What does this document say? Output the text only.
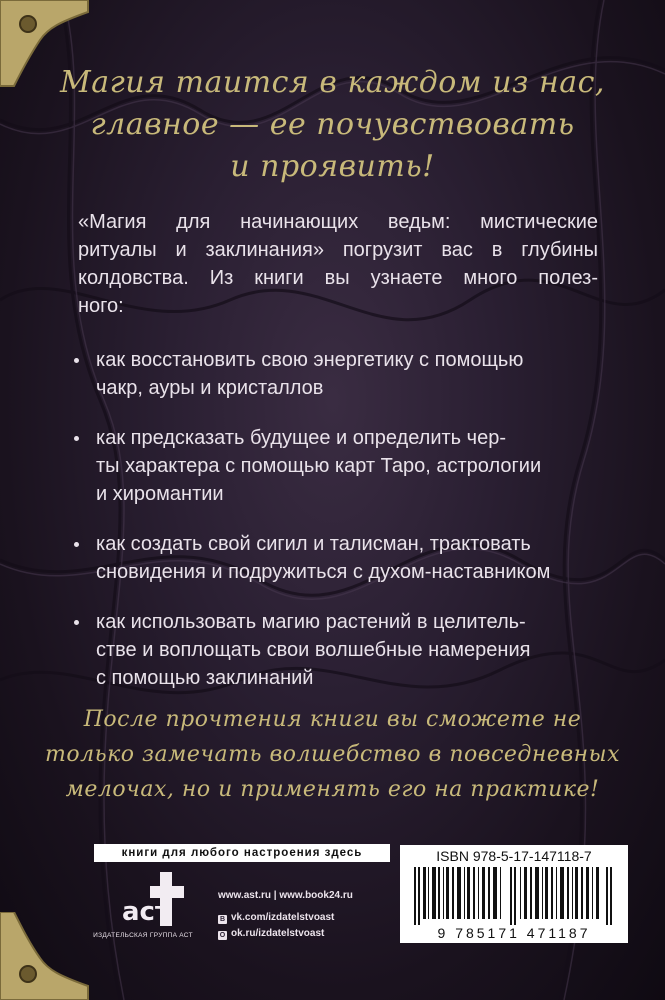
Магия таится в каждом из нас,
главное — ее почувствовать
и проявить!
«Магия для начинающих ведьм: мистические
ритуалы и заклинания» погрузит вас в глубины
колдовства. Из книги вы узнаете много полез-
ного:
как восстановить свою энергетику с помощью
чакр, ауры и кристаллов
как предсказать будущее и определить чер-
ты характера с помощью карт Таро, астрологии
и хиромантии
как создать свой сигил и талисман, трактовать
сновидения и подружиться с духом-наставником
как использовать магию растений в целитель-
стве и воплощать свои волшебные намерения
с помощью заклинаний
После прочтения книги вы сможете не
только замечать волшебство в повседневных
мелочах, но и применять его на практике!
книги для любого настроения здесь
аст
ИЗДАТЕЛЬСКАЯ ГРУППА АСТ
www.ast.ru | www.book24.ru
В vk.com/izdatelstvoast
О ok.ru/izdatelstvoast
ISBN 978-5-17-147118-7
9 785171 471187
